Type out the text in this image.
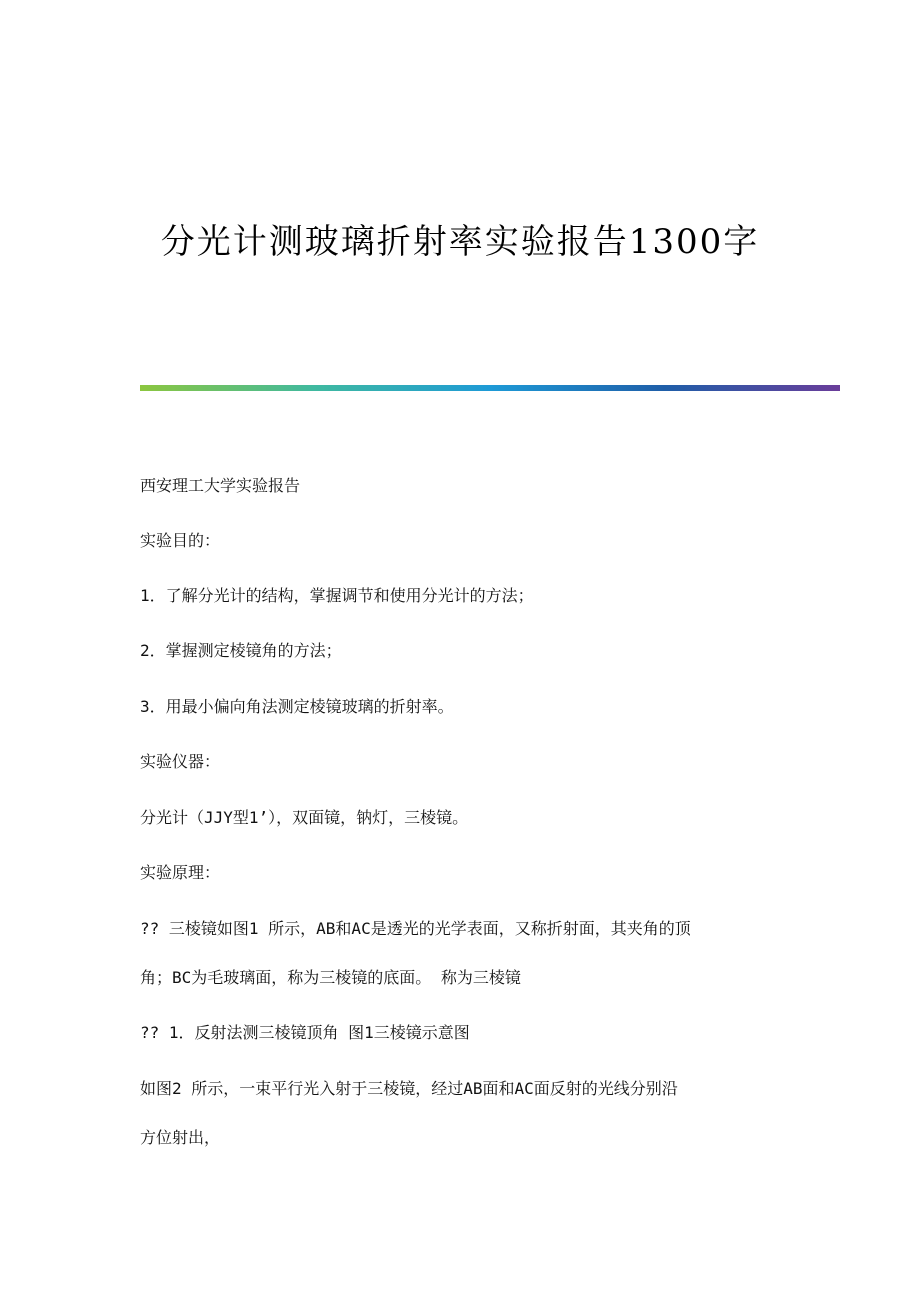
分光计测玻璃折射率实验报告1300字

西安理工大学实验报告

实验目的：

1．了解分光计的结构，掌握调节和使用分光计的方法；

2．掌握测定棱镜角的方法；

3．用最小偏向角法测定棱镜玻璃的折射率。

实验仪器：

分光计（JJY型1’），双面镜，钠灯，三棱镜。

实验原理：

?? 三棱镜如图1 所示，AB和AC是透光的光学表面，又称折射面，其夹角的顶

角；BC为毛玻璃面，称为三棱镜的底面。 称为三棱镜

?? 1．反射法测三棱镜顶角 图1三棱镜示意图

如图2 所示，一束平行光入射于三棱镜，经过AB面和AC面反射的光线分别沿

方位射出，
